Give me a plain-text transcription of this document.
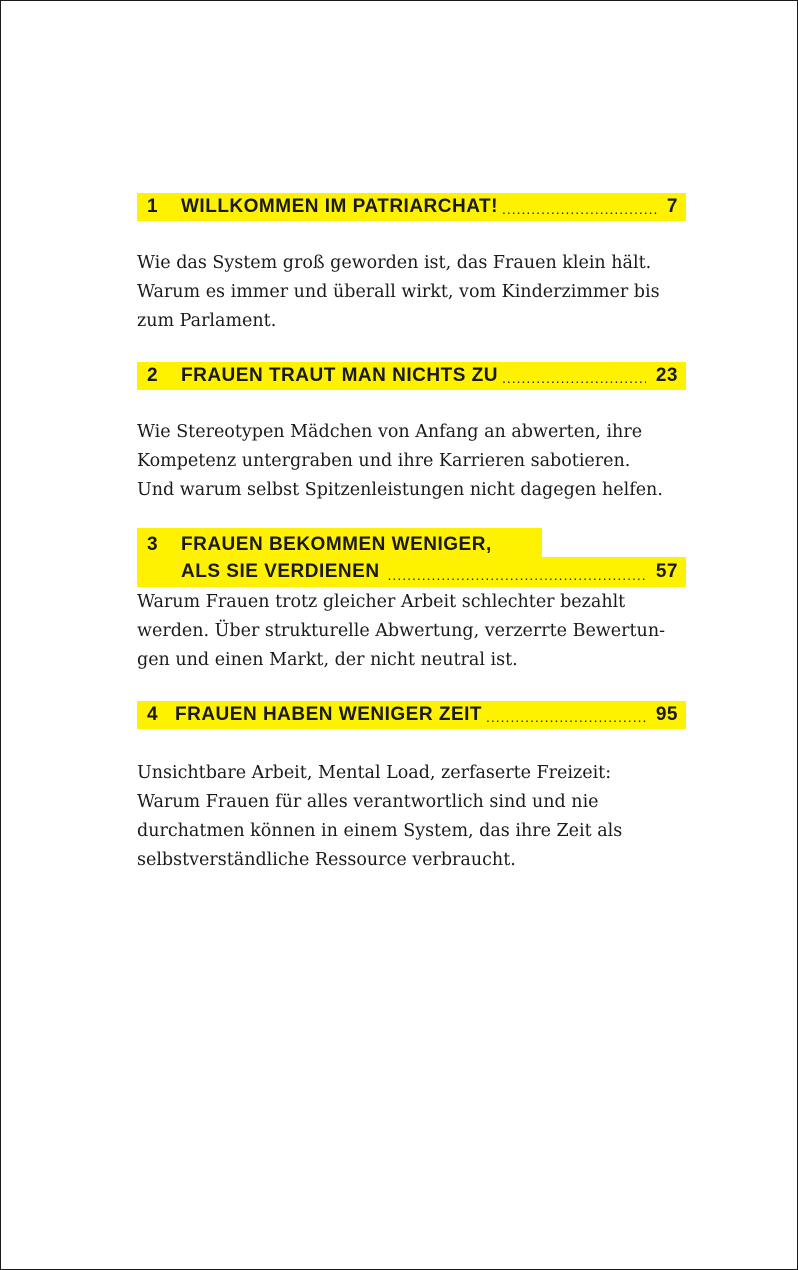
1	WILLKOMMEN IM PATRIARCHAT! .....	7

Wie das System groß geworden ist, das Frauen klein hält.
Warum es immer und überall wirkt, vom Kinderzimmer bis
zum Parlament.

2	FRAUEN TRAUT MAN NICHTS ZU .....	23

Wie Stereotypen Mädchen von Anfang an abwerten, ihre
Kompetenz untergraben und ihre Karrieren sabotieren.
Und warum selbst Spitzenleistungen nicht dagegen helfen.

3	FRAUEN BEKOMMEN WENIGER,
ALS SIE VERDIENEN .....	57

Warum Frauen trotz gleicher Arbeit schlechter bezahlt
werden. Über strukturelle Abwertung, verzerrte Bewertun-
gen und einen Markt, der nicht neutral ist.

4 FRAUEN HABEN WENIGER ZEIT .....	95

Unsichtbare Arbeit, Mental Load, zerfaserte Freizeit:
Warum Frauen für alles verantwortlich sind und nie
durchatmen können in einem System, das ihre Zeit als
selbstverständliche Ressource verbraucht.
